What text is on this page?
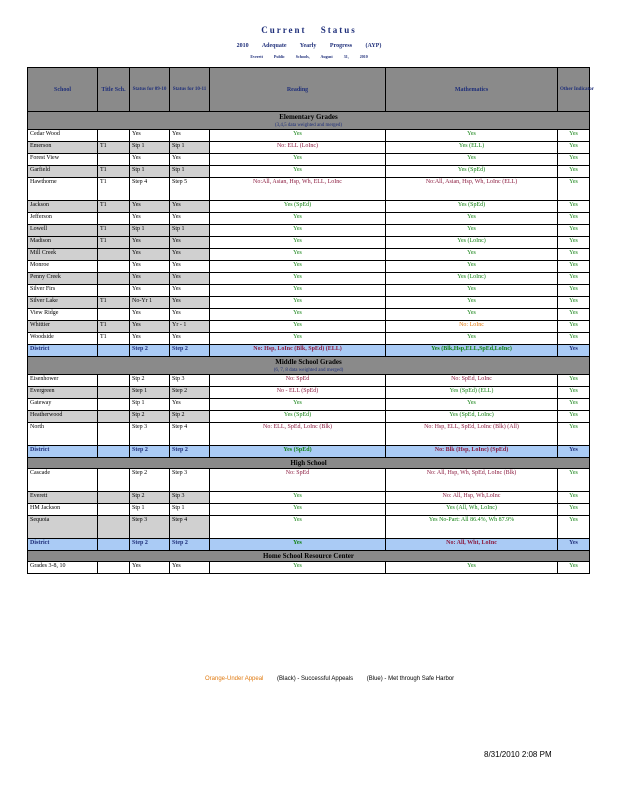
Current Status
2010 Adequate Yearly Progress (AYP)
Everett Public Schools, August 31, 2010
School	Title Sch.	Status for 09-10	Status for 10-11	Reading	Mathematics	Other Indicator
Elementary Grades
(3,4,5 data weighted and merged)						

Cedar Wood		Yes	Yes	Yes	Yes	Yes
Emerson	T1	Stp 1	Stp 1	No: ELL (LoInc)	Yes (ELL)	Yes
Forest View		Yes	Yes	Yes	Yes	Yes
Garfield	T1	Stp 1	Stp 1	Yes	Yes (SpEd)	Yes
Hawthorne	T1	Step 4	Step 5	No:All, Asian, Hsp, Wh, ELL, LoInc	No:All, Asian, Hsp, Wh, LoInc (ELL)	Yes
Jackson	T1	Yes	Yes	Yes (SpEd)	Yes (SpEd)	Yes
Jefferson		Yes	Yes	Yes	Yes	Yes
Lowell	T1	Stp 1	Stp 1	Yes	Yes	Yes
Madison	T1	Yes	Yes	Yes	Yes (LoInc)	Yes
Mill Creek		Yes	Yes	Yes	Yes	Yes
Monroe		Yes	Yes	Yes	Yes	Yes
Penny Creek		Yes	Yes	Yes	Yes (LoInc)	Yes
Silver Firs		Yes	Yes	Yes	Yes	Yes
Silver Lake	T1	No-Yr 1	Yes	Yes	Yes	Yes
View Ridge		Yes	Yes	Yes	Yes	Yes
Whittier	T1	Yes	Yr - 1	Yes	No: LoInc	Yes
Woodside	T1	Yes	Yes	Yes	Yes	Yes
District		Step 2	Step 2	No: Hsp, LoInc (Blk, SpEd) (ELL)	Yes (Blk,Hsp,ELL,SpEd,LoInc)	Yes
Middle School Grades
(6, 7, 8 data weighted and merged)						

Eisenhower		Stp 2	Stp 3	No: SpEd	No: SpEd, LoInc	Yes
Evergreen		Step 1	Step 2	No - ELL (SpEd)	Yes (SpEd) (ELL)	Yes
Gateway		Stp 1	Yes	Yes	Yes	Yes
Heatherwood		Stp 2	Stp 2	Yes (SpEd)	Yes (SpEd, LoInc)	Yes
North		Step 3	Step 4	No: ELL, SpEd, LoInc (Blk)	No: Hsp, ELL, SpEd, LoInc (Blk) (All)	Yes
District		Step 2	Step 2	Yes (SpEd)	No: Blk (Hsp, LoInc) (SpEd)	Yes
High School						
Cascade		Step 2	Step 3	No: SpEd	No: All, Hsp, Wh, SpEd, LoInc (Blk)	Yes
Everett		Stp 2	Stp 3	Yes	No: All, Hsp, Wh,LoInc	Yes
HM Jackson		Stp 1	Stp 1	Yes	Yes (All, Wh, LoInc)	Yes
Sequoia		Step 3	Step 4	Yes	Yes No-Part: All 86.4%, Wh 87.9%	Yes
District		Step 2	Step 2	Yes	No: All, Wht, LoInc	Yes
Home School Resource Center						
Grades 3-8, 10		Yes	Yes	Yes	Yes	Yes
Orange-Under Appeal (Black) - Successful Appeals (Blue) - Met through Safe Harbor
8/31/2010 2:08 PM
